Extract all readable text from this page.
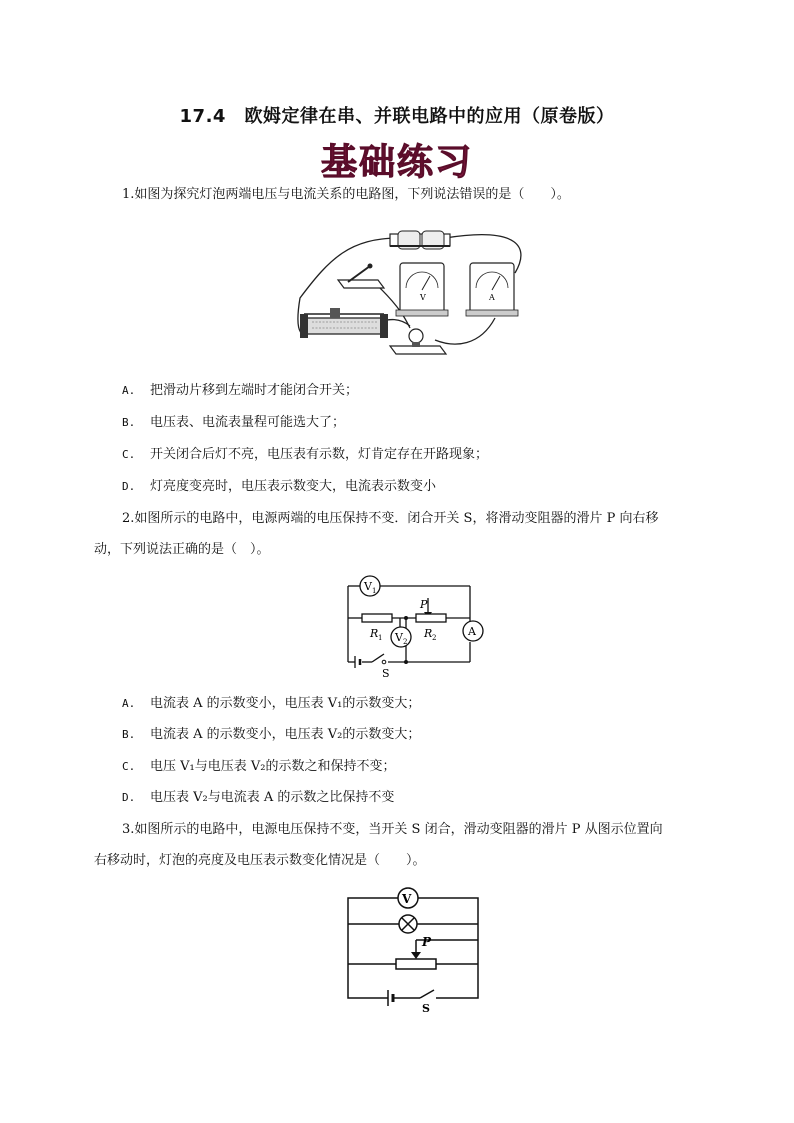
17.4　欧姆定律在串、并联电路中的应用（原卷版）
基础练习
1.如图为探究灯泡两端电压与电流关系的电路图，下列说法错误的是（　　）。
V	A
A. 把滑动片移到左端时才能闭合开关；
B. 电压表、电流表量程可能选大了；
C. 开关闭合后灯不亮，电压表有示数，灯肯定存在开路现象；
D. 灯亮度变亮时，电压表示数变大，电流表示数变小
2.如图所示的电路中，电源两端的电压保持不变．闭合开关 S，将滑动变阻器的滑片 P 向右移
动，下列说法正确的是（　）。
V 1
V 2
A
P
R 1	R 2
S
A. 电流表 A 的示数变小，电压表 V₁的示数变大；
B. 电流表 A 的示数变小，电压表 V₂的示数变大；
C. 电压 V₁与电压表 V₂的示数之和保持不变；
D. 电压表 V₂与电流表 A 的示数之比保持不变
3.如图所示的电路中，电源电压保持不变，当开关 S 闭合，滑动变阻器的滑片 P 从图示位置向
右移动时，灯泡的亮度及电压表示数变化情况是（　　）。
V
P
S
